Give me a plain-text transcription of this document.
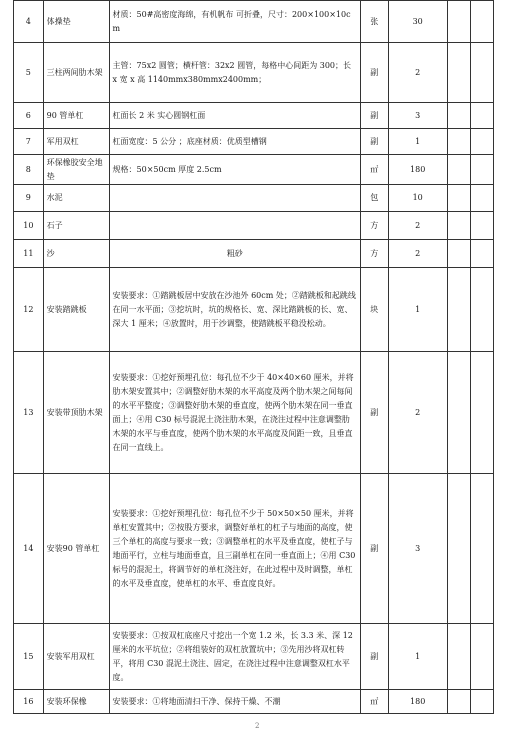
4	体操垫	材质：50#高密度海绵，有机帆布 可折叠，尺寸：200×100×10cm	张	30		
5	三柱两间肋木架	主管：75x2 圆管；横杆管：32x2 圆管，每格中心间距为 300；长 x 宽 x 高 1140mmx380mmx2400mm；	副	2		
6	90 管单杠	杠面长 2 米 实心圆钢杠面	副	3		
7	军用双杠	杠面宽度：5 公分 ；底座材质：优质型槽钢	副	1		
8	环保橡胶安全地垫	规格：50×50cm 厚度 2.5cm	㎡	180		
9	水泥		包	10		
10	石子		方	2		
11	沙	粗砂	方	2		
12	安装踏跳板	安装要求：①踏跳板居中安放在沙池外 60cm 处；②踏跳板和起跳线在同一水平面；③挖坑时，坑的规格长、宽、深比踏跳板的长、宽、深大 1 厘米；④放置时，用于沙调整，使踏跳板平稳没松动。	块	1		
13	安装带顶肋木架	安装要求：①挖好预埋孔位：每孔位不少于 40×40×60 厘米，并将肋木架安置其中；②调整好肋木架的水平高度及两个肋木架之间每间的水平平整度；③调整好肋木架的垂直度，使两个肋木架在同一垂直面上；④用 C30 标号混泥土浇注肋木架，在浇注过程中注意调整肋木架的水平与垂直度，使两个肋木架的水平高度及间距一致，且垂直在同一直线上。	副	2		
14	安装90 管单杠	安装要求：①挖好预埋孔位：每孔位不少于 50×50×50 厘米，并将单杠安置其中；②按股方要求，调整好单杠的杠子与地面的高度，使三个单杠的高度与要求一致；③调整单杠的水平及垂直度，使杠子与地面平行，立柱与地面垂直，且三副单杠在同一垂直面上；④用 C30 标号的混泥土，将调节好的单杠浇注好，在此过程中及时调整，单杠的水平及垂直度，使单杠的水平、垂直度良好。	副	3		
15	安装军用双杠	安装要求：①按双杠底座尺寸挖出一个宽 1.2 米，长 3.3 米、深 12 厘米的水平坑位；②将组装好的双杠放置坑中；③先用沙将双杠转平，将用 C30 混泥土浇注、固定，在浇注过程中注意调整双杠水平度。	副	1		
16	安装环保橡	安装要求：①将地面清扫干净、保持干燥、不潮	㎡	180		
2
